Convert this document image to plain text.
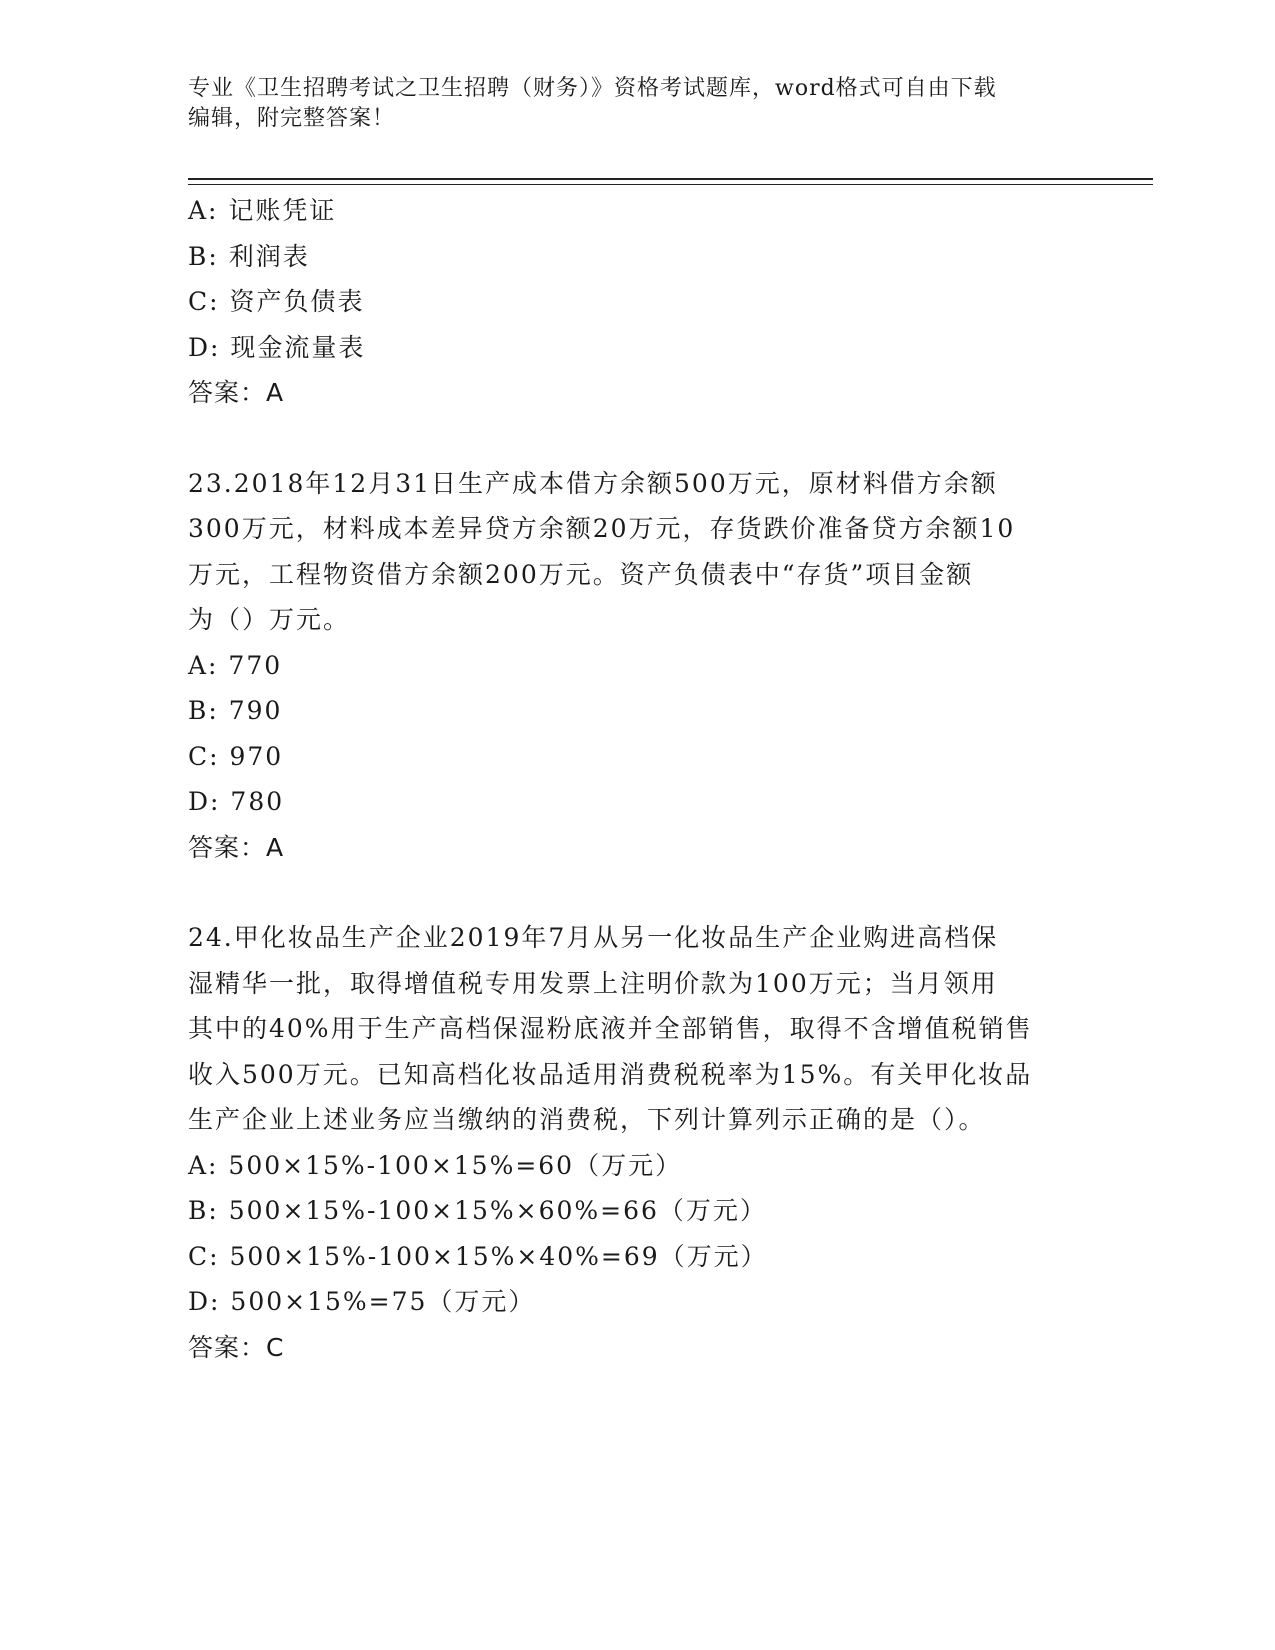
专业《卫生招聘考试之卫生招聘（财务）》资格考试题库，word格式可自由下载
编辑，附完整答案！
A: 记账凭证
B: 利润表
C: 资产负债表
D: 现金流量表
答案：A
23.2018年12月31日生产成本借方余额500万元，原材料借方余额
300万元，材料成本差异贷方余额20万元，存货跌价准备贷方余额10
万元，工程物资借方余额200万元。资产负债表中“存货”项目金额
为（）万元。
A: 770
B: 790
C: 970
D: 780
答案：A
24.甲化妆品生产企业2019年7月从另一化妆品生产企业购进高档保
湿精华一批，取得增值税专用发票上注明价款为100万元；当月领用
其中的40%用于生产高档保湿粉底液并全部销售，取得不含增值税销售
收入500万元。已知高档化妆品适用消费税税率为15%。有关甲化妆品
生产企业上述业务应当缴纳的消费税，下列计算列示正确的是（）。
A: 500×15%-100×15%=60（万元）
B: 500×15%-100×15%×60%=66（万元）
C: 500×15%-100×15%×40%=69（万元）
D: 500×15%=75（万元）
答案：C
